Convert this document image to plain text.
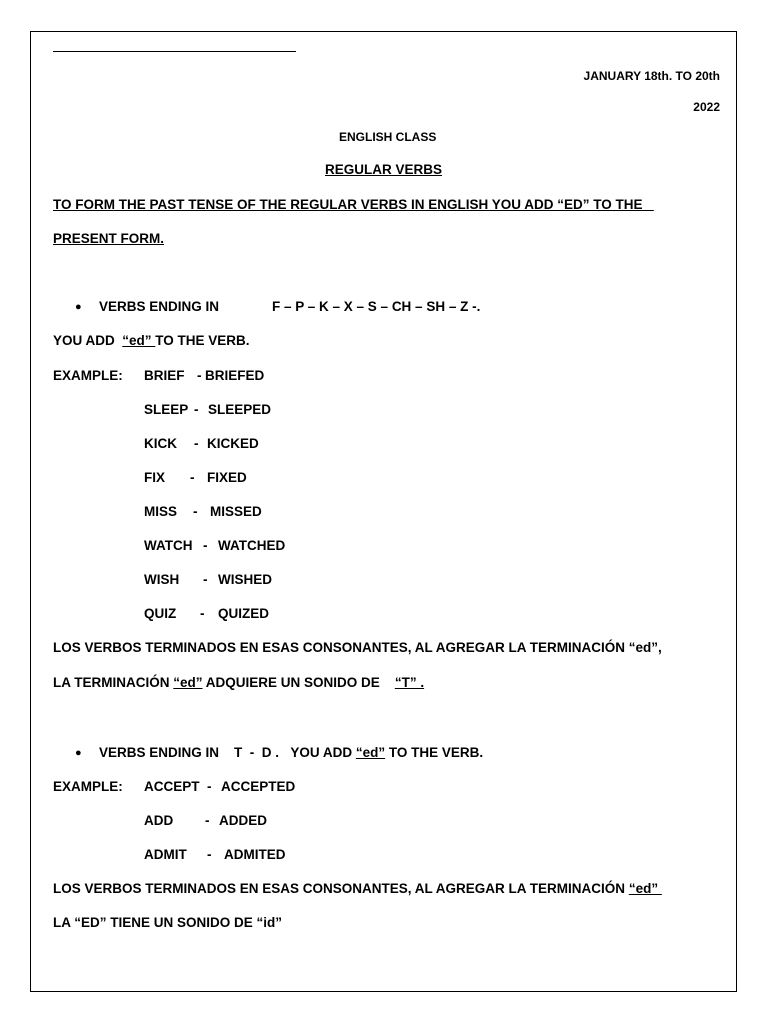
JANUARY 18th. TO 20th
2022
ENGLISH CLASS
REGULAR VERBS
TO FORM THE PAST TENSE OF THE REGULAR VERBS IN ENGLISH YOU ADD “ED” TO THE
PRESENT FORM.
● VERBS ENDING IN	F – P – K – X – S – CH – SH – Z -.
YOU ADD “ed” TO THE VERB.
EXAMPLE: BRIEF - BRIEFED
SLEEP - SLEEPED
KICK - KICKED
FIX - FIXED
MISS - MISSED
WATCH - WATCHED
WISH - WISHED
QUIZ - QUIZED
LOS VERBOS TERMINADOS EN ESAS CONSONANTES, AL AGREGAR LA TERMINACIÓN “ed”,
LA TERMINACIÓN “ed” ADQUIERE UN SONIDO DE “T” .
● VERBS ENDING IN T  -  D . YOU ADD “ed” TO THE VERB.
EXAMPLE: ACCEPT - ACCEPTED
ADD - ADDED
ADMIT - ADMITED
LOS VERBOS TERMINADOS EN ESAS CONSONANTES, AL AGREGAR LA TERMINACIÓN “ed”
LA “ED” TIENE UN SONIDO DE “id”
